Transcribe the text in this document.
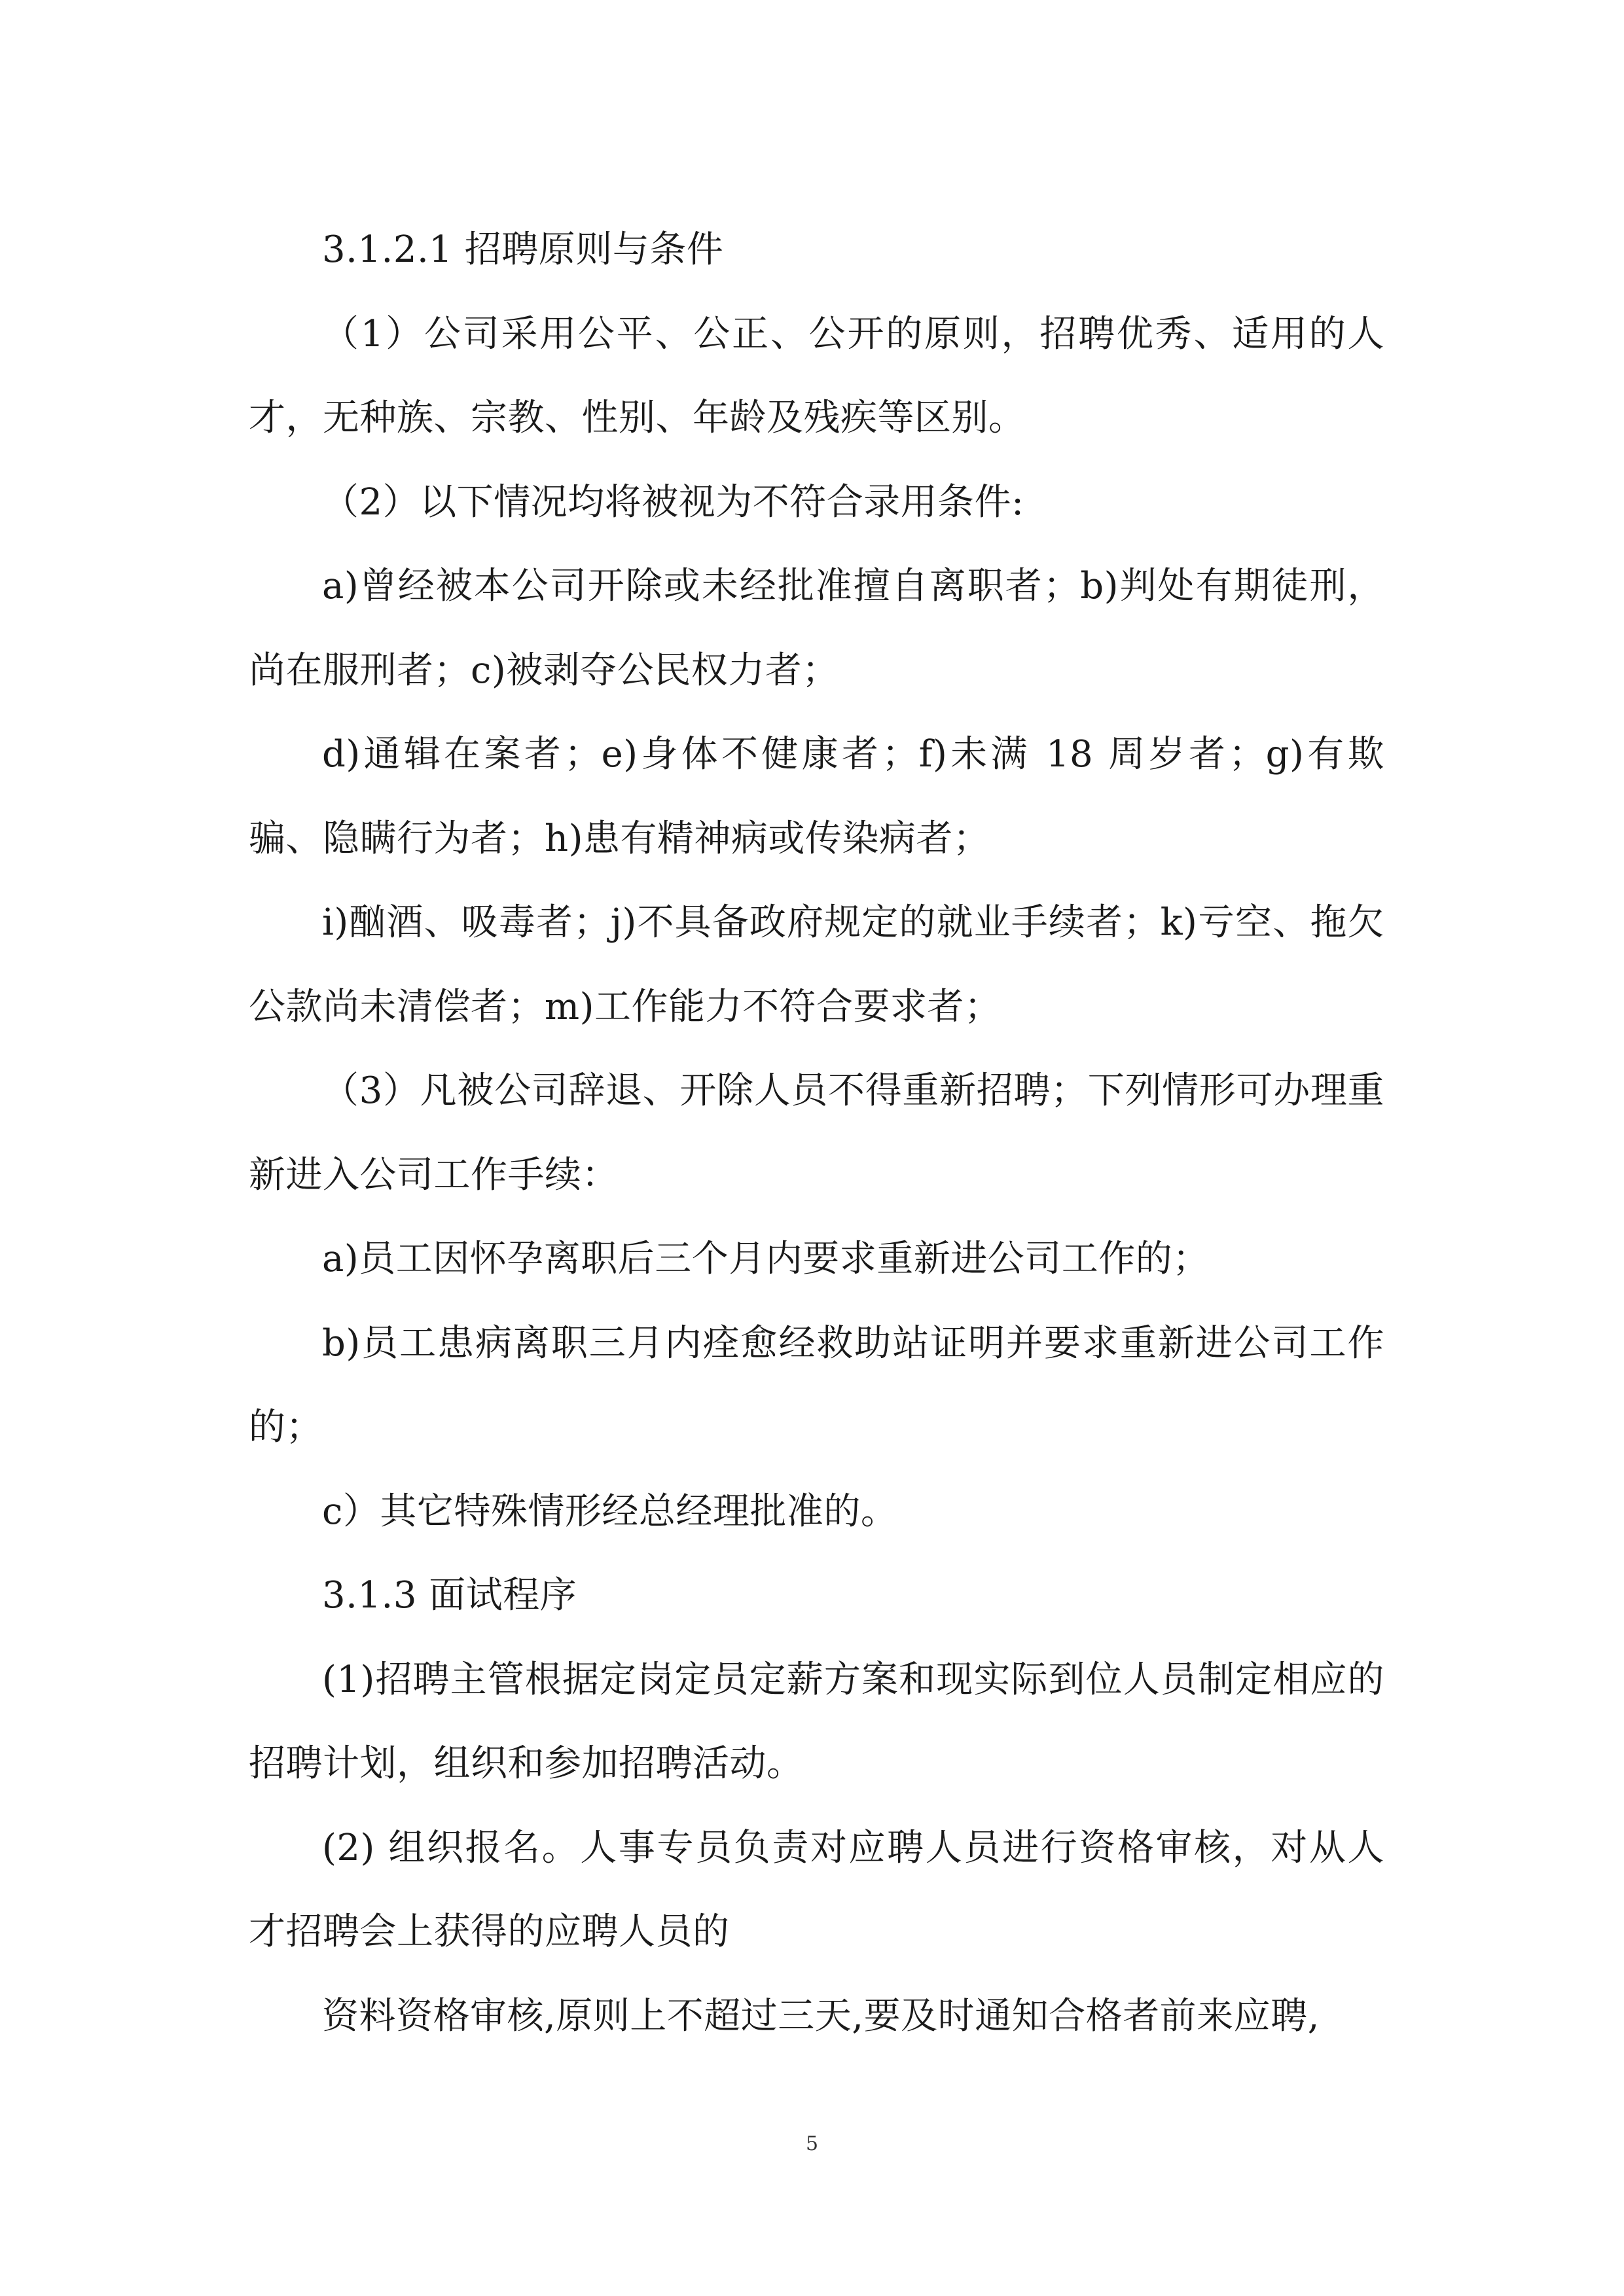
3.1.2.1 招聘原则与条件

（1）公司采用公平、公正、公开的原则，招聘优秀、适用的人才，无种族、宗教、性别、年龄及残疾等区别。

（2）以下情况均将被视为不符合录用条件:

a)曾经被本公司开除或未经批准擅自离职者；b)判处有期徒刑，尚在服刑者；c)被剥夺公民权力者；

d)通辑在案者；e)身体不健康者；f)未满 18 周岁者；g)有欺骗、隐瞒行为者；h)患有精神病或传染病者；

i)酗酒、吸毒者；j)不具备政府规定的就业手续者；k)亏空、拖欠公款尚未清偿者；m)工作能力不符合要求者；

（3）凡被公司辞退、开除人员不得重新招聘；下列情形可办理重新进入公司工作手续：

a)员工因怀孕离职后三个月内要求重新进公司工作的；

b)员工患病离职三月内痊愈经救助站证明并要求重新进公司工作的；

c）其它特殊情形经总经理批准的。

3.1.3 面试程序

(1)招聘主管根据定岗定员定薪方案和现实际到位人员制定相应的招聘计划，组织和参加招聘活动。

(2) 组织报名。人事专员负责对应聘人员进行资格审核，对从人才招聘会上获得的应聘人员的

资料资格审核,原则上不超过三天,要及时通知合格者前来应聘,

5
